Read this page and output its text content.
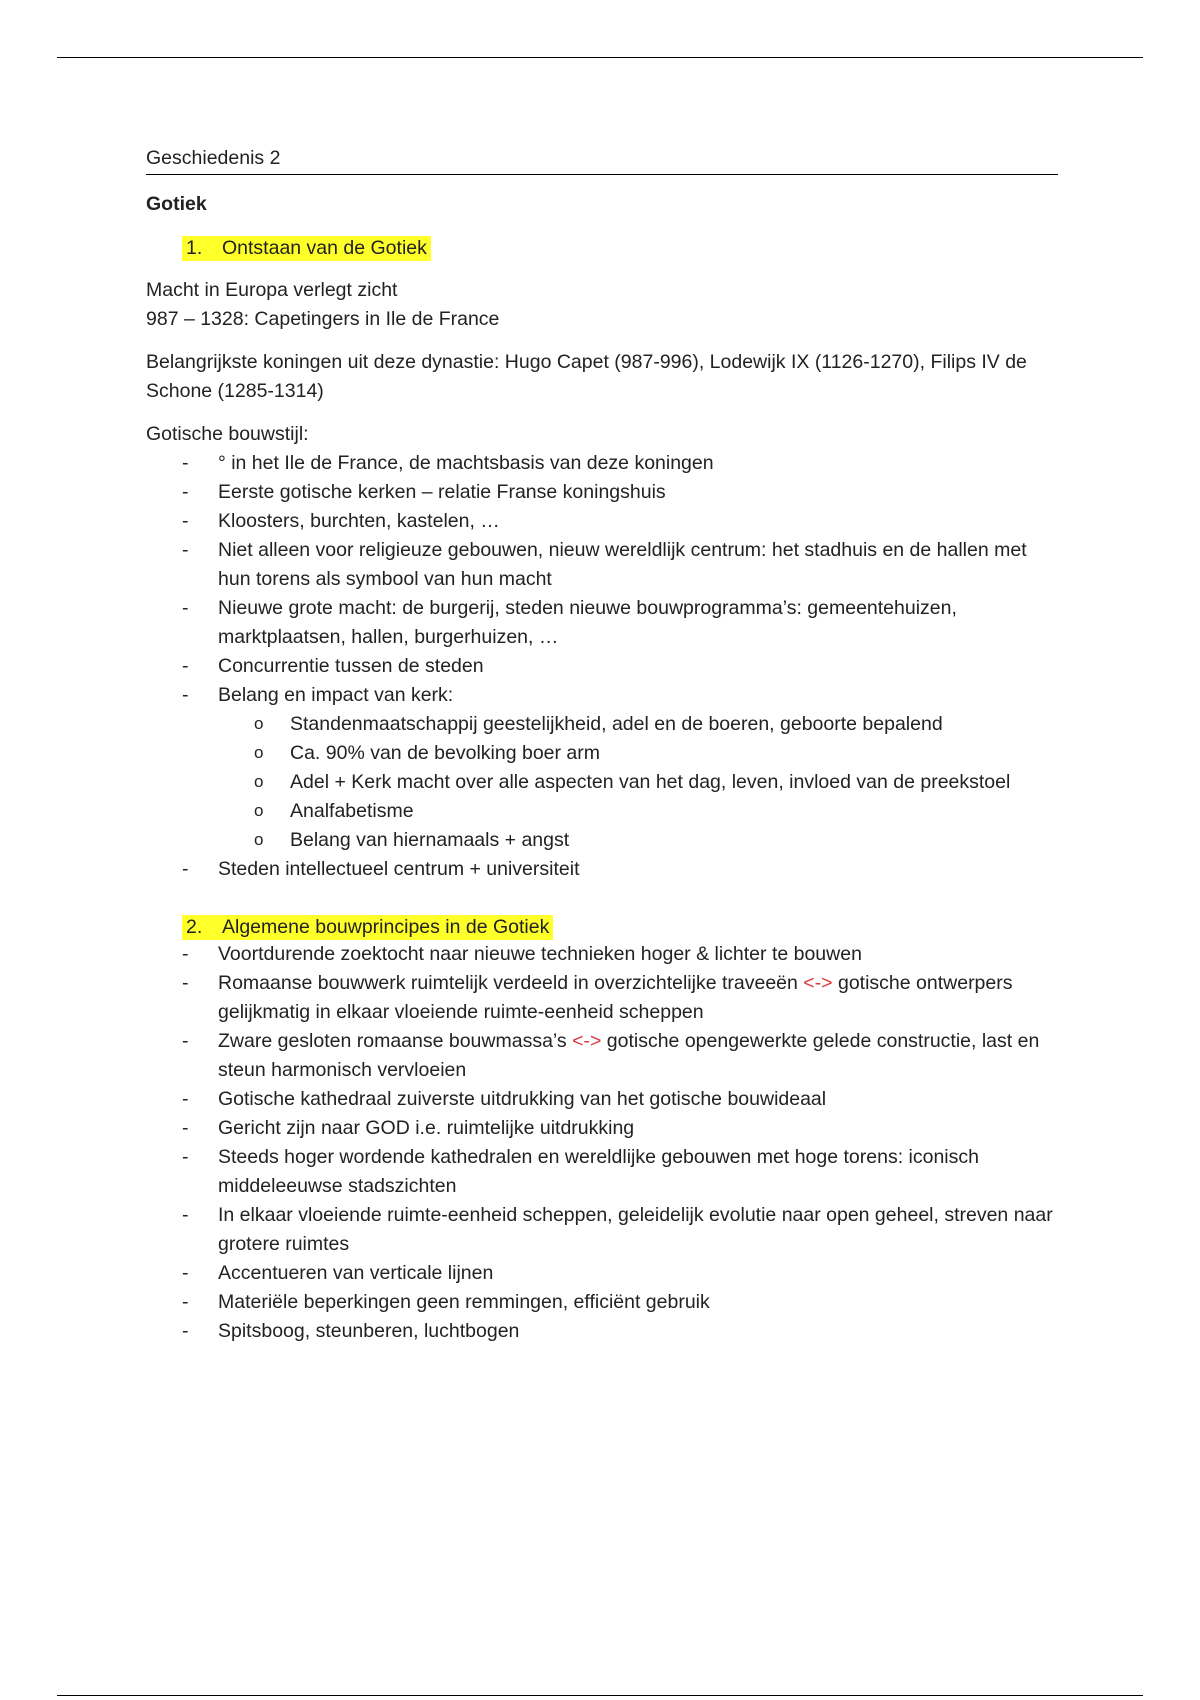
Geschiedenis 2
Gotiek
1. Ontstaan van de Gotiek
Macht in Europa verlegt zicht
987 – 1328: Capetingers in Ile de France
Belangrijkste koningen uit deze dynastie: Hugo Capet (987-996), Lodewijk IX (1126-1270), Filips IV de Schone (1285-1314)
Gotische bouwstijl:
- ° in het Ile de France, de machtsbasis van deze koningen
- Eerste gotische kerken – relatie Franse koningshuis
- Kloosters, burchten, kastelen, …
- Niet alleen voor religieuze gebouwen, nieuw wereldlijk centrum: het stadhuis en de hallen met hun torens als symbool van hun macht
- Nieuwe grote macht: de burgerij, steden nieuwe bouwprogramma’s: gemeentehuizen, marktplaatsen, hallen, burgerhuizen, …
- Concurrentie tussen de steden
- Belang en impact van kerk:
o Standenmaatschappij geestelijkheid, adel en de boeren, geboorte bepalend
o Ca. 90% van de bevolking boer arm
o Adel + Kerk macht over alle aspecten van het dag, leven, invloed van de preekstoel
o Analfabetisme
o Belang van hiernamaals + angst
- Steden intellectueel centrum + universiteit
2. Algemene bouwprincipes in de Gotiek
- Voortdurende zoektocht naar nieuwe technieken hoger & lichter te bouwen
- Romaanse bouwwerk ruimtelijk verdeeld in overzichtelijke traveeën <-> gotische ontwerpers gelijkmatig in elkaar vloeiende ruimte-eenheid scheppen
- Zware gesloten romaanse bouwmassa’s <-> gotische opengewerkte gelede constructie, last en steun harmonisch vervloeien
- Gotische kathedraal zuiverste uitdrukking van het gotische bouwideaal
- Gericht zijn naar GOD i.e. ruimtelijke uitdrukking
- Steeds hoger wordende kathedralen en wereldlijke gebouwen met hoge torens: iconisch middeleeuwse stadszichten
- In elkaar vloeiende ruimte-eenheid scheppen, geleidelijk evolutie naar open geheel, streven naar grotere ruimtes
- Accentueren van verticale lijnen
- Materiële beperkingen geen remmingen, efficiënt gebruik
- Spitsboog, steunberen, luchtbogen
